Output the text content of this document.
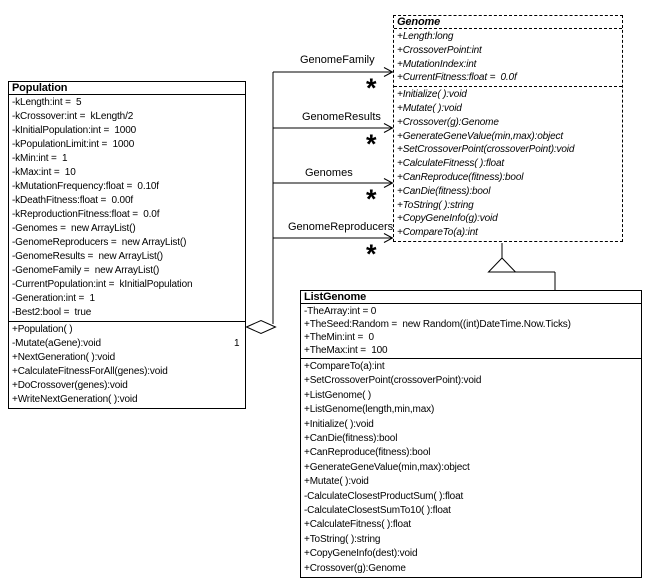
Population
-kLength:int =  5
-kCrossover:int =  kLength/2
-kInitialPopulation:int =  1000
-kPopulationLimit:int =  1000
-kMin:int =  1
-kMax:int =  10
-kMutationFrequency:float =  0.10f
-kDeathFitness:float =  0.00f
-kReproductionFitness:float =  0.0f
-Genomes =  new ArrayList()
-GenomeReproducers =  new ArrayList()
-GenomeResults =  new ArrayList()
-GenomeFamily =  new ArrayList()
-CurrentPopulation:int =  kInitialPopulation
-Generation:int =  1
-Best2:bool =  true
+Population( )
-Mutate(aGene):void
+NextGeneration( ):void
+CalculateFitnessForAll(genes):void
+DoCrossover(genes):void
+WriteNextGeneration( ):void
Genome
+Length:long
+CrossoverPoint:int
+MutationIndex:int
+CurrentFitness:float =  0.0f
+Initialize( ):void
+Mutate( ):void
+Crossover(g):Genome
+GenerateGeneValue(min,max):object
+SetCrossoverPoint(crossoverPoint):void
+CalculateFitness( ):float
+CanReproduce(fitness):bool
+CanDie(fitness):bool
+ToString( ):string
+CopyGeneInfo(g):void
+CompareTo(a):int
ListGenome
-TheArray:int = 0
+TheSeed:Random =  new Random((int)DateTime.Now.Ticks)
+TheMin:int =  0
+TheMax:int =  100
+CompareTo(a):int
+SetCrossoverPoint(crossoverPoint):void
+ListGenome( )
+ListGenome(length,min,max)
+Initialize( ):void
+CanDie(fitness):bool
+CanReproduce(fitness):bool
+GenerateGeneValue(min,max):object
+Mutate( ):void
-CalculateClosestProductSum( ):float
-CalculateClosestSumTo10( ):float
+CalculateFitness( ):float
+ToString( ):string
+CopyGeneInfo(dest):void
+Crossover(g):Genome
GenomeFamily
*
GenomeResults
*
Genomes
*
GenomeReproducers
*
1
